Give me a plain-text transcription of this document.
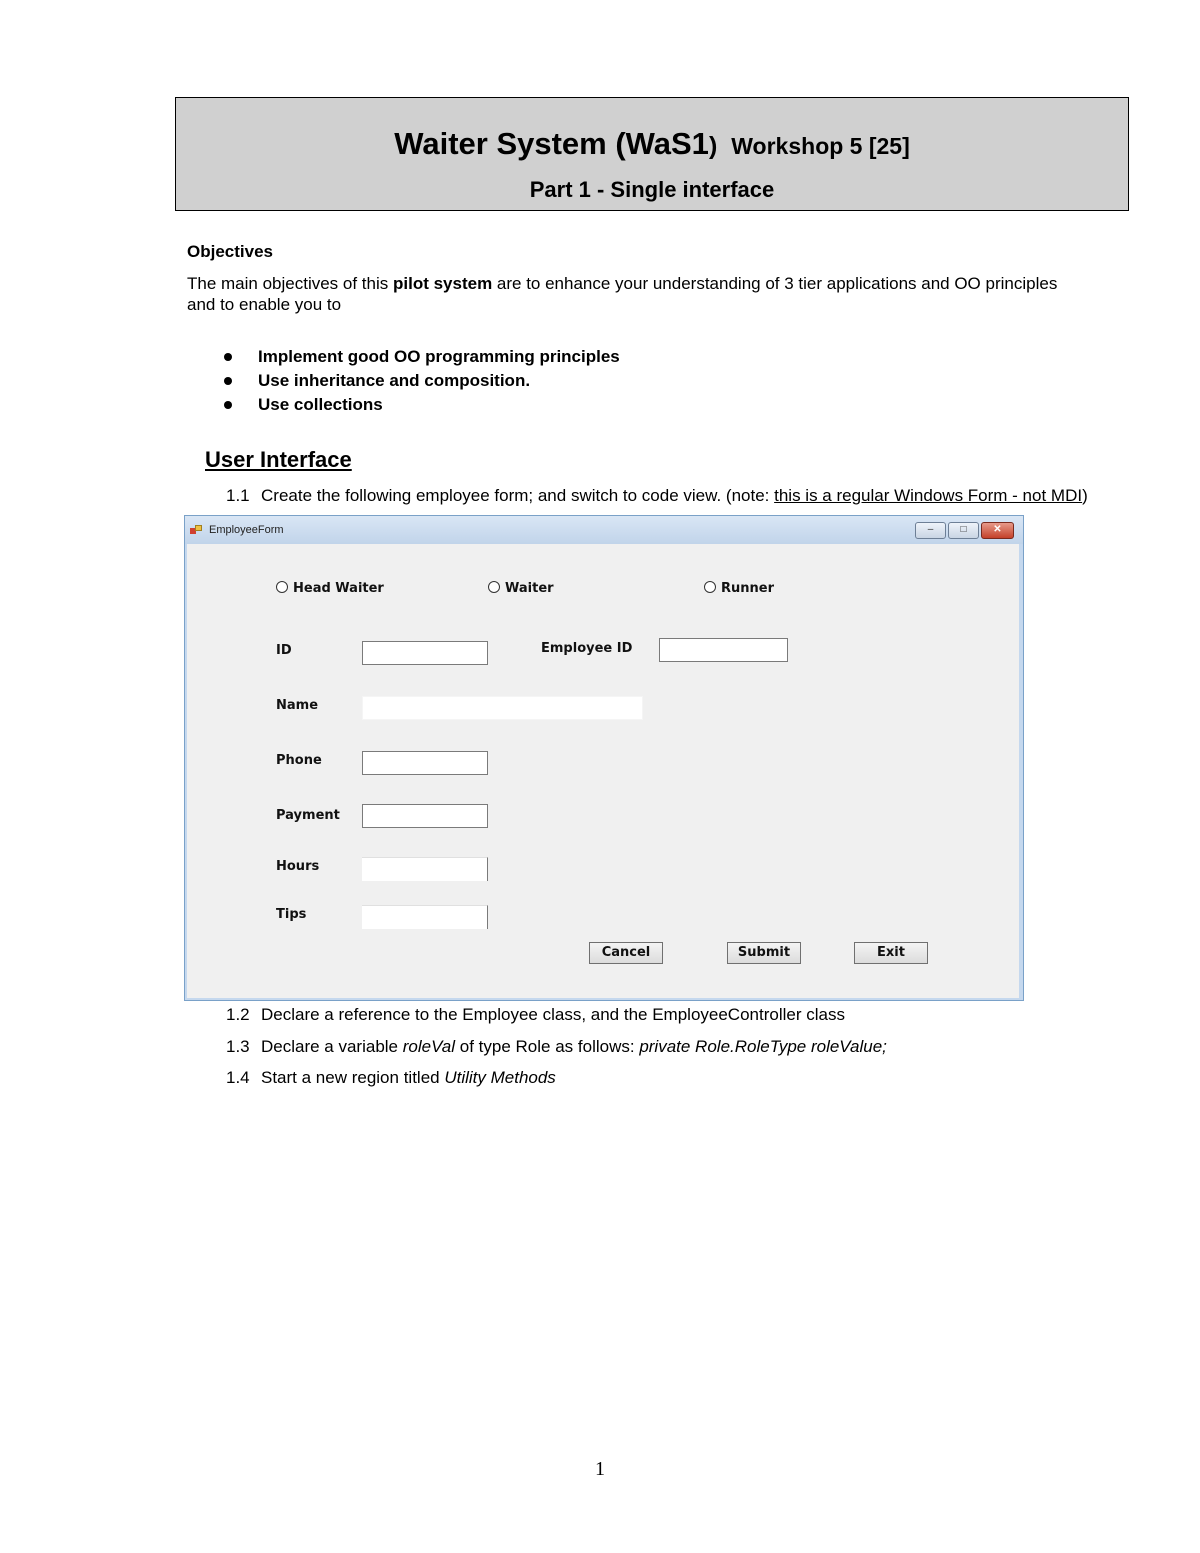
Waiter System (WaS1) Workshop 5 [25]
Part 1 - Single interface
Objectives
The main objectives of this pilot system are to enhance your understanding of 3 tier applications and OO principles and to enable you to
Implement good OO programming principles
Use inheritance and composition.
Use collections
User Interface
1.1 Create the following employee form; and switch to code view. (note: this is a regular Windows Form - not MDI)
EmployeeForm	–	□	✕
Head Waiter	Waiter	Runner
ID	Employee ID
Name
Phone
Payment
Hours
Tips
Cancel	Submit	Exit
1.2 Declare a reference to the Employee class, and the EmployeeController class
1.3 Declare a variable roleVal of type Role as follows: private Role.RoleType roleValue;
1.4 Start a new region titled Utility Methods
1
